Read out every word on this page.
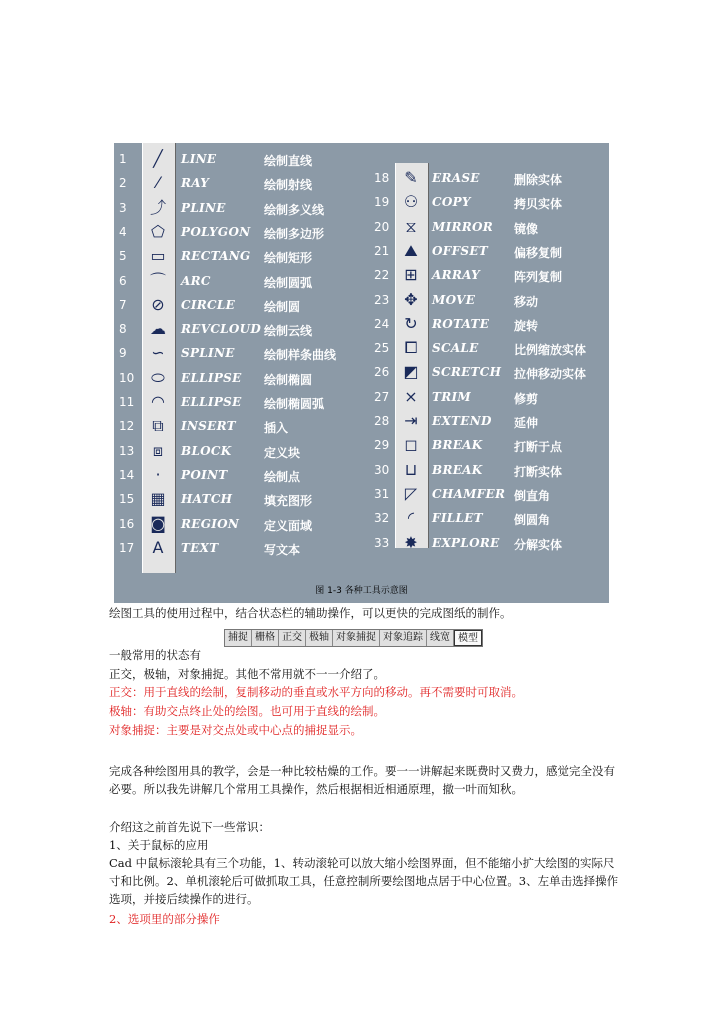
图 1-3 各种工具示意图
1	╱	LINE	绘制直线
2	⁄	RAY	绘制射线
3 ⤴ PLINE	绘制多义线
4 ⬠ POLYGON 绘制多边形
5 ▭ RECTANG 绘制矩形
6 ⌒ ARC	绘制圆弧
7 ⊘ CIRCLE 绘制圆
8 ☁ REVCLOUD 绘制云线
9 ∽ SPLINE 绘制样条曲线
10 ⬭ ELLIPSE 绘制椭圆
11 ◠ ELLIPSE 绘制椭圆弧
12 ⧉	INSERT 插入
13	⧈	BLOCK	定义块
14	·	POINT	绘制点
15 ▦ HATCH	填充图形
16 ◙ REGION 定义面域
17 A	TEXT	写文本
18 ✎ ERASE	删除实体
19 ⚇ COPY	拷贝实体
20 ⧖	MIRROR 镜像
21 ⛰ OFFSET 偏移复制
22 ⊞ ARRAY	阵列复制
23 ✥ MOVE	移动
24 ↻ ROTATE 旋转
25 ⧠ SCALE	比例缩放实体
26 ◩ SCRETCH 拉伸移动实体
27 ⨯ TRIM	修剪
28 ⇥ EXTEND 延伸
29 ◻ BREAK	打断于点
30 ⊔	BREAK	打断实体
31 ◸	CHAMFER 倒直角
32	◜	FILLET	倒圆角
33 ✸ EXPLORE 分解实体
绘图工具的使用过程中，结合状态栏的辅助操作，可以更快的完成图纸的制作。
捕捉 栅格 正交 极轴 对象捕捉 对象追踪 线宽 模型
一般常用的状态有
正交，极轴，对象捕捉。其他不常用就不一一介绍了。
正交：用于直线的绘制，复制移动的垂直或水平方向的移动。再不需要时可取消。
极轴：有助交点终止处的绘图。也可用于直线的绘制。
对象捕捉：主要是对交点处或中心点的捕捉显示。
完成各种绘图用具的教学，会是一种比较枯燥的工作。要一一讲解起来既费时又费力，感觉完全没有必要。所以我先讲解几个常用工具操作，然后根据相近相通原理，撤一叶而知秋。
介绍这之前首先说下一些常识：
1、关于鼠标的应用
Cad 中鼠标滚轮具有三个功能，1、转动滚轮可以放大缩小绘图界面，但不能缩小扩大绘图的实际尺寸和比例。2、单机滚轮后可做抓取工具，任意控制所要绘图地点居于中心位置。3、左单击选择操作选项，并接后续操作的进行。
2、选项里的部分操作
